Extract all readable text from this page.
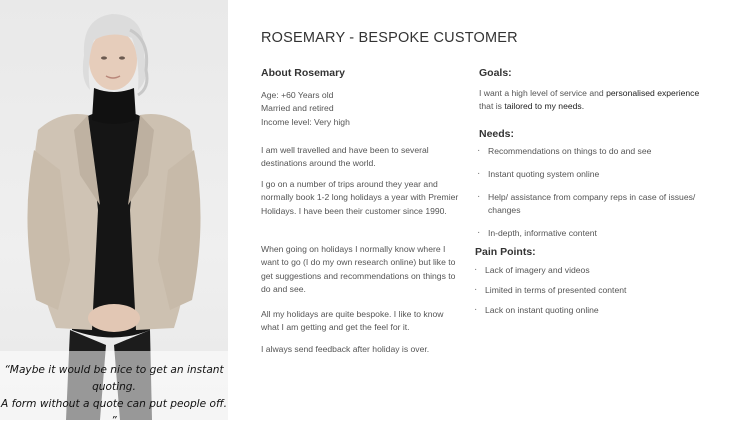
“Maybe it would be nice to get an instant quoting.
A form without a quote can put people off. ”
ROSEMARY - BESPOKE CUSTOMER
About Rosemary
Age: +60 Years old
Married and retired
Income level: Very high
I am well travelled and have been to several destinations around the world.
I go on a number of trips around they year and normally book 1-2 long holidays a year with Premier Holidays. I have been their customer since 1990.
When going on holidays I normally know where I want to go (I do my own research online) but like to get suggestions and recommendations on things to do and see.
All my holidays are quite bespoke. I like to know what I am getting and get the feel for it.
I always send feedback after holiday is over.
Goals:
I want a high level of service and personalised experience that is tailored to my needs.
Needs:
· Recommendations on things to do and see
· Instant quoting system online
· Help/ assistance from company reps in case of issues/ changes
· In-depth, informative content
Pain Points:
· Lack of imagery and videos
· Limited in terms of presented content
· Lack on instant quoting online
